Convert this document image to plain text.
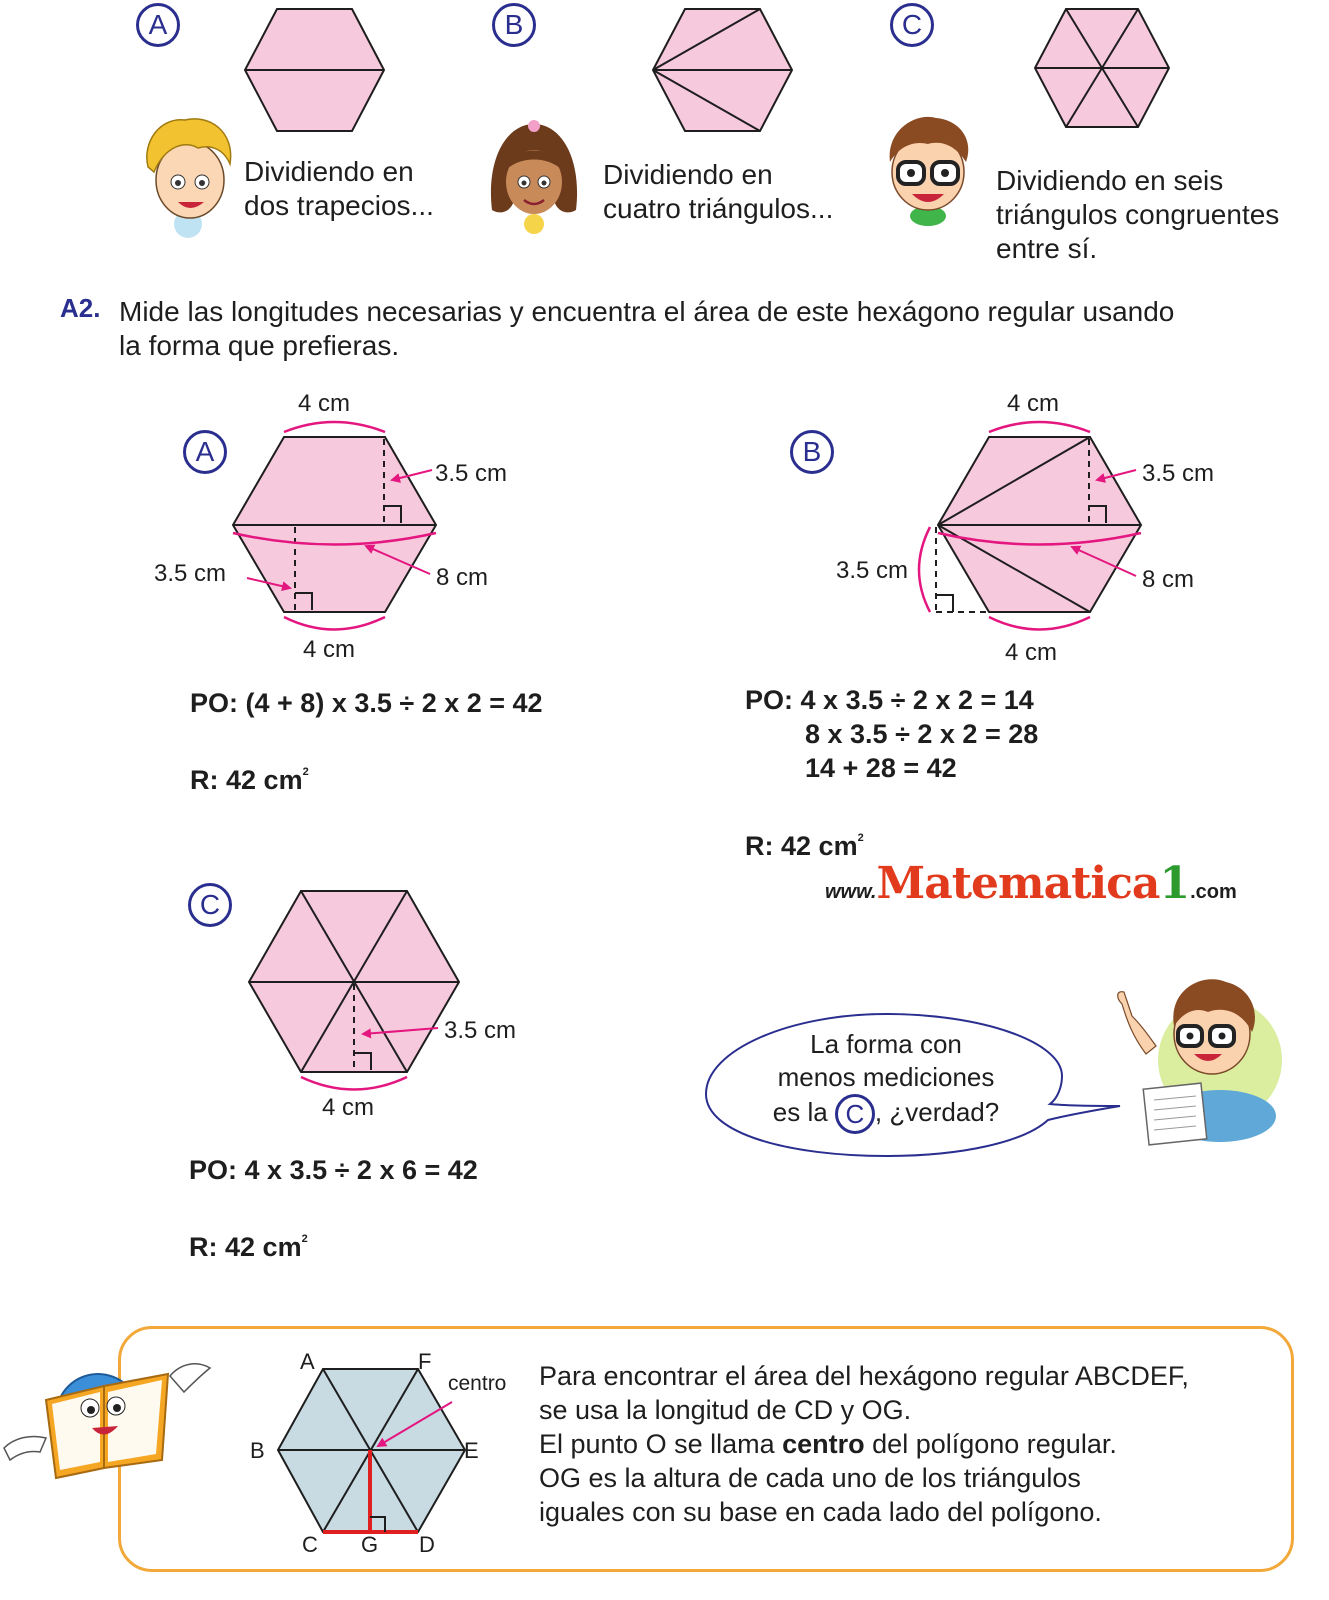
A	B	C
Dividiendo en
dos trapecios...
Dividiendo en
cuatro triángulos...
Dividiendo en seis
triángulos congruentes
entre sí.
A2. Mide las longitudes necesarias y encuentra el área de este hexágono regular usando
la forma que prefieras.
A
4 cm
3.5 cm
3.5 cm	8 cm
4 cm
PO: (4 + 8) x 3.5 ÷ 2 x 2 = 42
R: 42 $cm^2$
B
4 cm
3.5 cm
3.5 cm	8 cm
4 cm
PO: 4 x 3.5 ÷ 2 x 2 = 14
8 x 3.5 ÷ 2 x 2 = 28
14 + 28 = 42
R: 42 $cm^2$
www.Matematica1.com
C
3.5 cm
4 cm
PO: 4 x 3.5 ÷ 2 x 6 = 42
R: 42 $cm^2$
La forma con
menos mediciones
es la C , ¿verdad?
A	F
B	E
C G D
centro Para encontrar el área del hexágono regular ABCDEF,
se usa la longitud de CD y OG.
El punto O se llama centro del polígono regular.
OG es la altura de cada uno de los triángulos
iguales con su base en cada lado del polígono.
